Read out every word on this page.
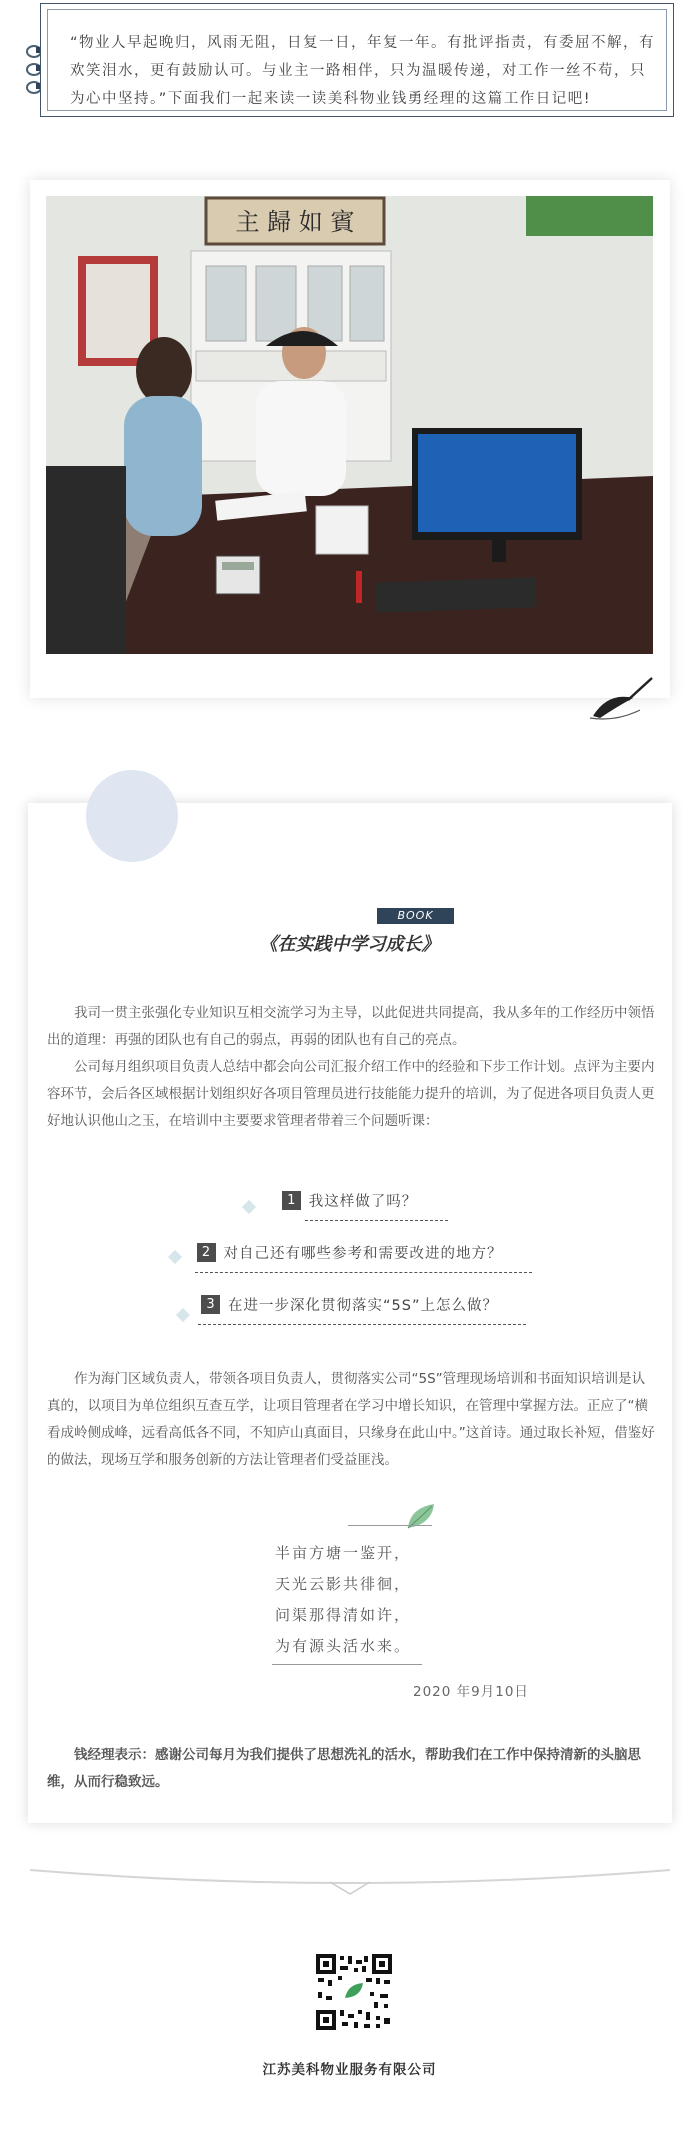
“物业人早起晚归，风雨无阻，日复一日，年复一年。有批评指责，有委屈不解，有欢笑泪水，更有鼓励认可。与业主一路相伴，只为温暖传递，对工作一丝不苟，只为心中坚持。”下面我们一起来读一读美科物业钱勇经理的这篇工作日记吧!
主 歸 如 賓
BOOK
《在实践中学习成长》

我司一贯主张强化专业知识互相交流学习为主导，以此促进共同提高，我从多年的工作经历中领悟出的道理：再强的团队也有自己的弱点，再弱的团队也有自己的亮点。

公司每月组织项目负责人总结中都会向公司汇报介绍工作中的经验和下步工作计划。点评为主要内容环节，会后各区域根据计划组织好各项目管理员进行技能能力提升的培训，为了促进各项目负责人更好地认识他山之玉，在培训中主要要求管理者带着三个问题听课：

1 我这样做了吗？
2 对自己还有哪些参考和需要改进的地方？
3 在进一步深化贯彻落实“5S”上怎么做？

作为海门区域负责人，带领各项目负责人，贯彻落实公司“5S”管理现场培训和书面知识培训是认真的，以项目为单位组织互查互学，让项目管理者在学习中增长知识，在管理中掌握方法。正应了“横看成岭侧成峰，远看高低各不同，不知庐山真面目，只缘身在此山中。”这首诗。通过取长补短，借鉴好的做法，现场互学和服务创新的方法让管理者们受益匪浅。

半亩方塘一鉴开，
天光云影共徘徊，
问渠那得清如许，
为有源头活水来。
2020 年9月10日

钱经理表示：感谢公司每月为我们提供了思想洗礼的活水，帮助我们在工作中保持清新的头脑思维，从而行稳致远。

江苏美科物业服务有限公司
